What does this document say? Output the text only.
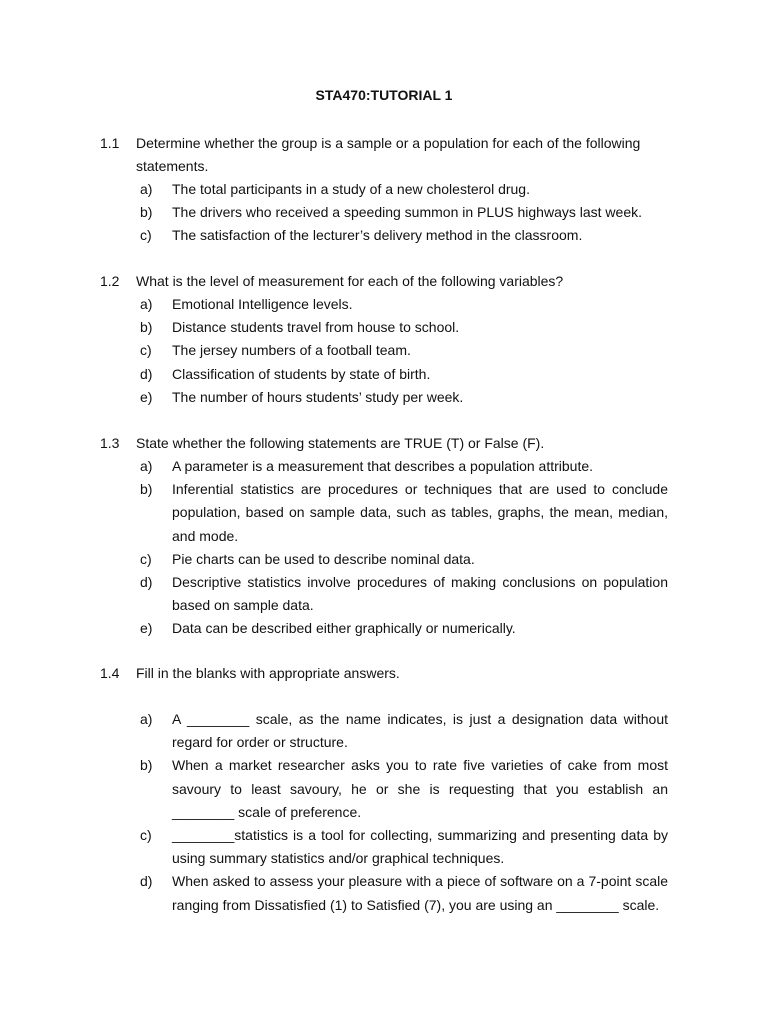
STA470:TUTORIAL 1
1.1 Determine whether the group is a sample or a population for each of the following statements.
a) The total participants in a study of a new cholesterol drug.
b) The drivers who received a speeding summon in PLUS highways last week.
c) The satisfaction of the lecturer’s delivery method in the classroom.
1.2 What is the level of measurement for each of the following variables?
a) Emotional Intelligence levels.
b) Distance students travel from house to school.
c) The jersey numbers of a football team.
d) Classification of students by state of birth.
e) The number of hours students’ study per week.
1.3 State whether the following statements are TRUE (T) or False (F).
a) A parameter is a measurement that describes a population attribute.
b) Inferential statistics are procedures or techniques that are used to conclude population, based on sample data, such as tables, graphs, the mean, median, and mode.
c) Pie charts can be used to describe nominal data.
d) Descriptive statistics involve procedures of making conclusions on population based on sample data.
e) Data can be described either graphically or numerically.
1.4 Fill in the blanks with appropriate answers.
a) A ________ scale, as the name indicates, is just a designation data without regard for order or structure.
b) When a market researcher asks you to rate five varieties of cake from most savoury to least savoury, he or she is requesting that you establish an ________ scale of preference.
c) ________statistics is a tool for collecting, summarizing and presenting data by using summary statistics and/or graphical techniques.
d) When asked to assess your pleasure with a piece of software on a 7-point scale ranging from Dissatisfied (1) to Satisfied (7), you are using an ________ scale.
